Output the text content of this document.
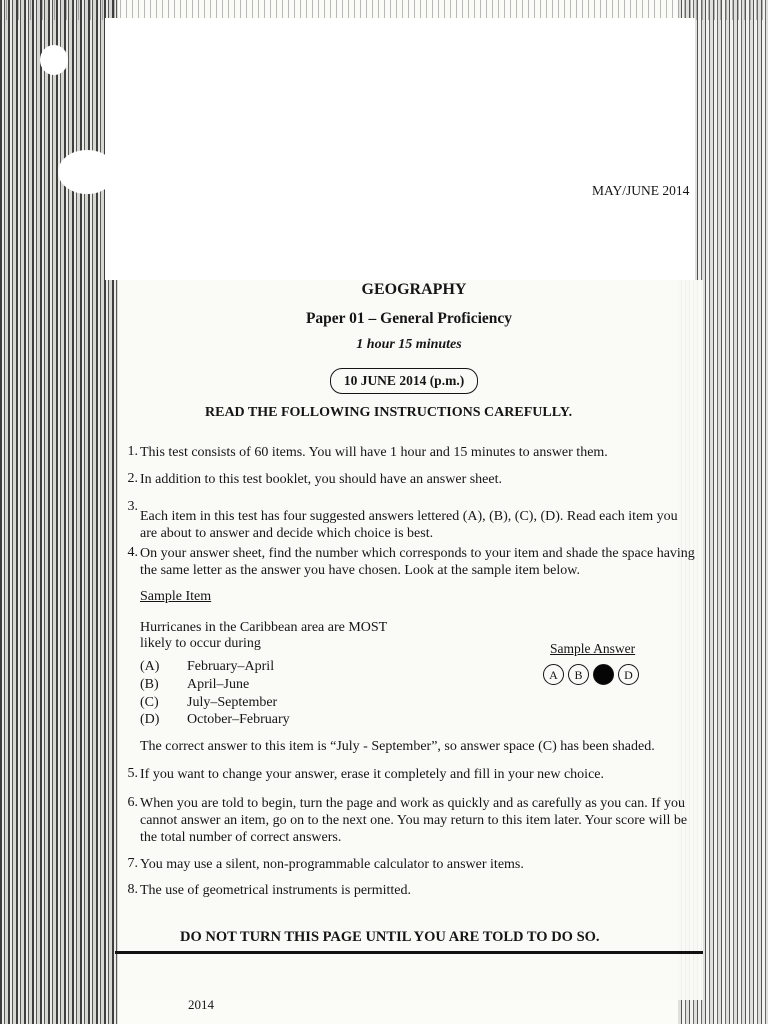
MAY/JUNE 2014
GEOGRAPHY
Paper 01 – General Proficiency
1 hour 15 minutes
10 JUNE 2014 (p.m.)
READ THE FOLLOWING INSTRUCTIONS CAREFULLY.
1. This test consists of 60 items. You will have 1 hour and 15 minutes to answer them.
2. In addition to this test booklet, you should have an answer sheet.
3.
Each item in this test has four suggested answers lettered (A), (B), (C), (D). Read each item you are about to answer and decide which choice is best.
4. On your answer sheet, find the number which corresponds to your item and shade the space having the same letter as the answer you have chosen. Look at the sample item below.
Sample Item
Hurricanes in the Caribbean area are MOST likely to occur during
(A) February–April
(B) April–June
(C) July–September
(D) October–February
Sample Answer
A	B	D
The correct answer to this item is “July - September”, so answer space (C) has been shaded.
5. If you want to change your answer, erase it completely and fill in your new choice.
6. When you are told to begin, turn the page and work as quickly and as carefully as you can. If you cannot answer an item, go on to the next one. You may return to this item later. Your score will be the total number of correct answers.
7. You may use a silent, non-programmable calculator to answer items.
8. The use of geometrical instruments is permitted.
DO NOT TURN THIS PAGE UNTIL YOU ARE TOLD TO DO SO.
2014
